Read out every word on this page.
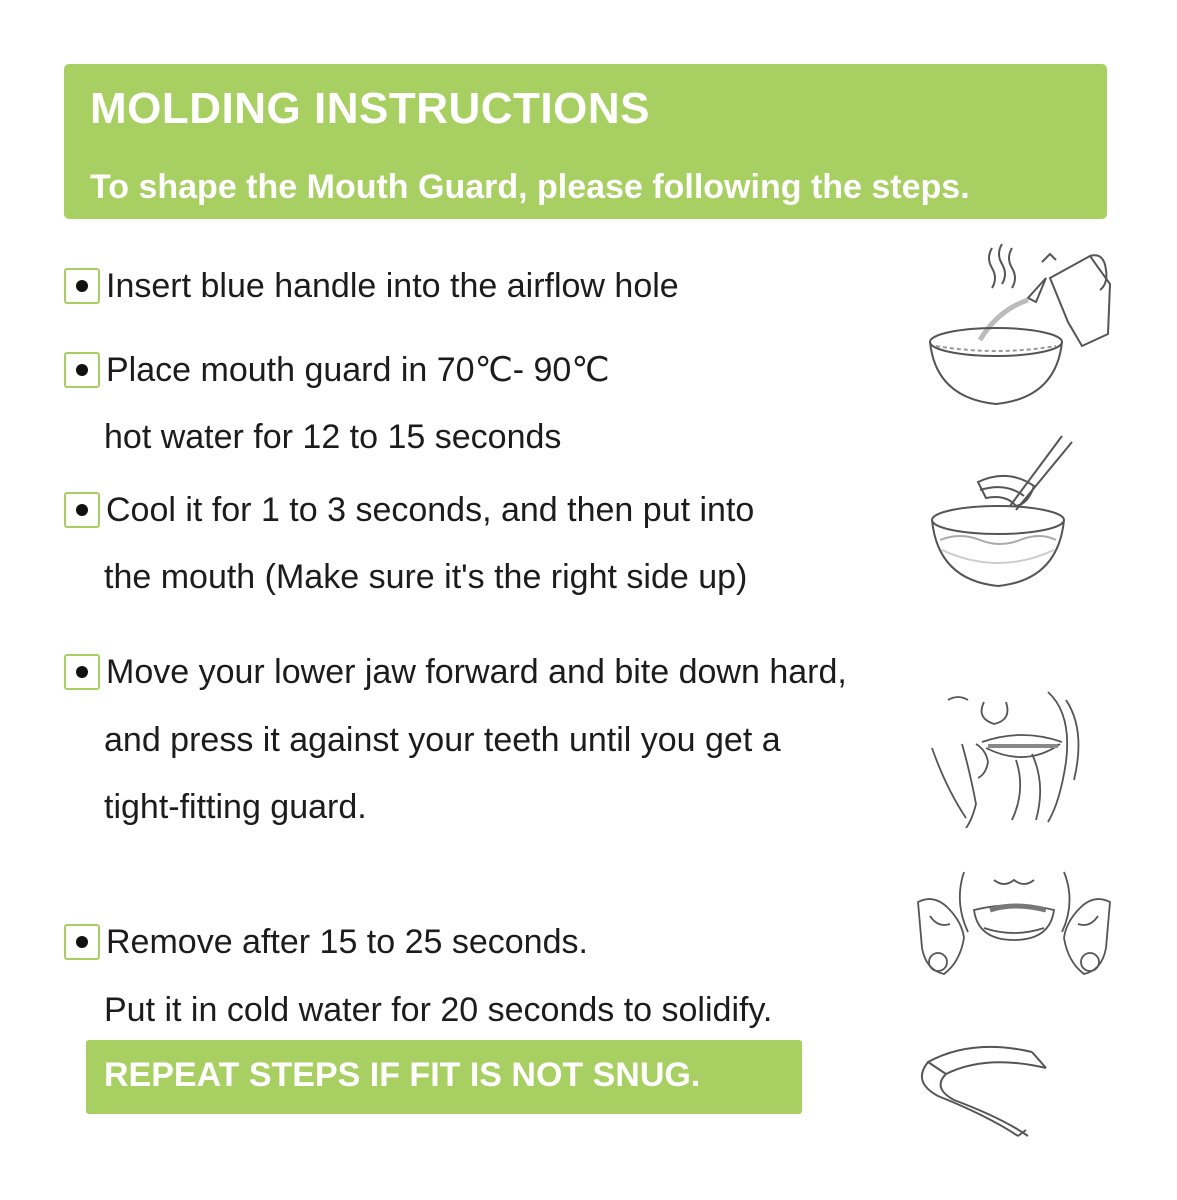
MOLDING INSTRUCTIONS
To shape the Mouth Guard, please following the steps.
Insert blue handle into the airflow hole
Place mouth guard in 70℃- 90℃
hot water for 12 to 15 seconds
Cool it for 1 to 3 seconds, and then put into
the mouth (Make sure it's the right side up)
Move your lower jaw forward and bite down hard,
and press it against your teeth until you get a
tight-fitting guard.
Remove after 15 to 25 seconds.
Put it in cold water for 20 seconds to solidify.
REPEAT STEPS IF FIT IS NOT SNUG.
